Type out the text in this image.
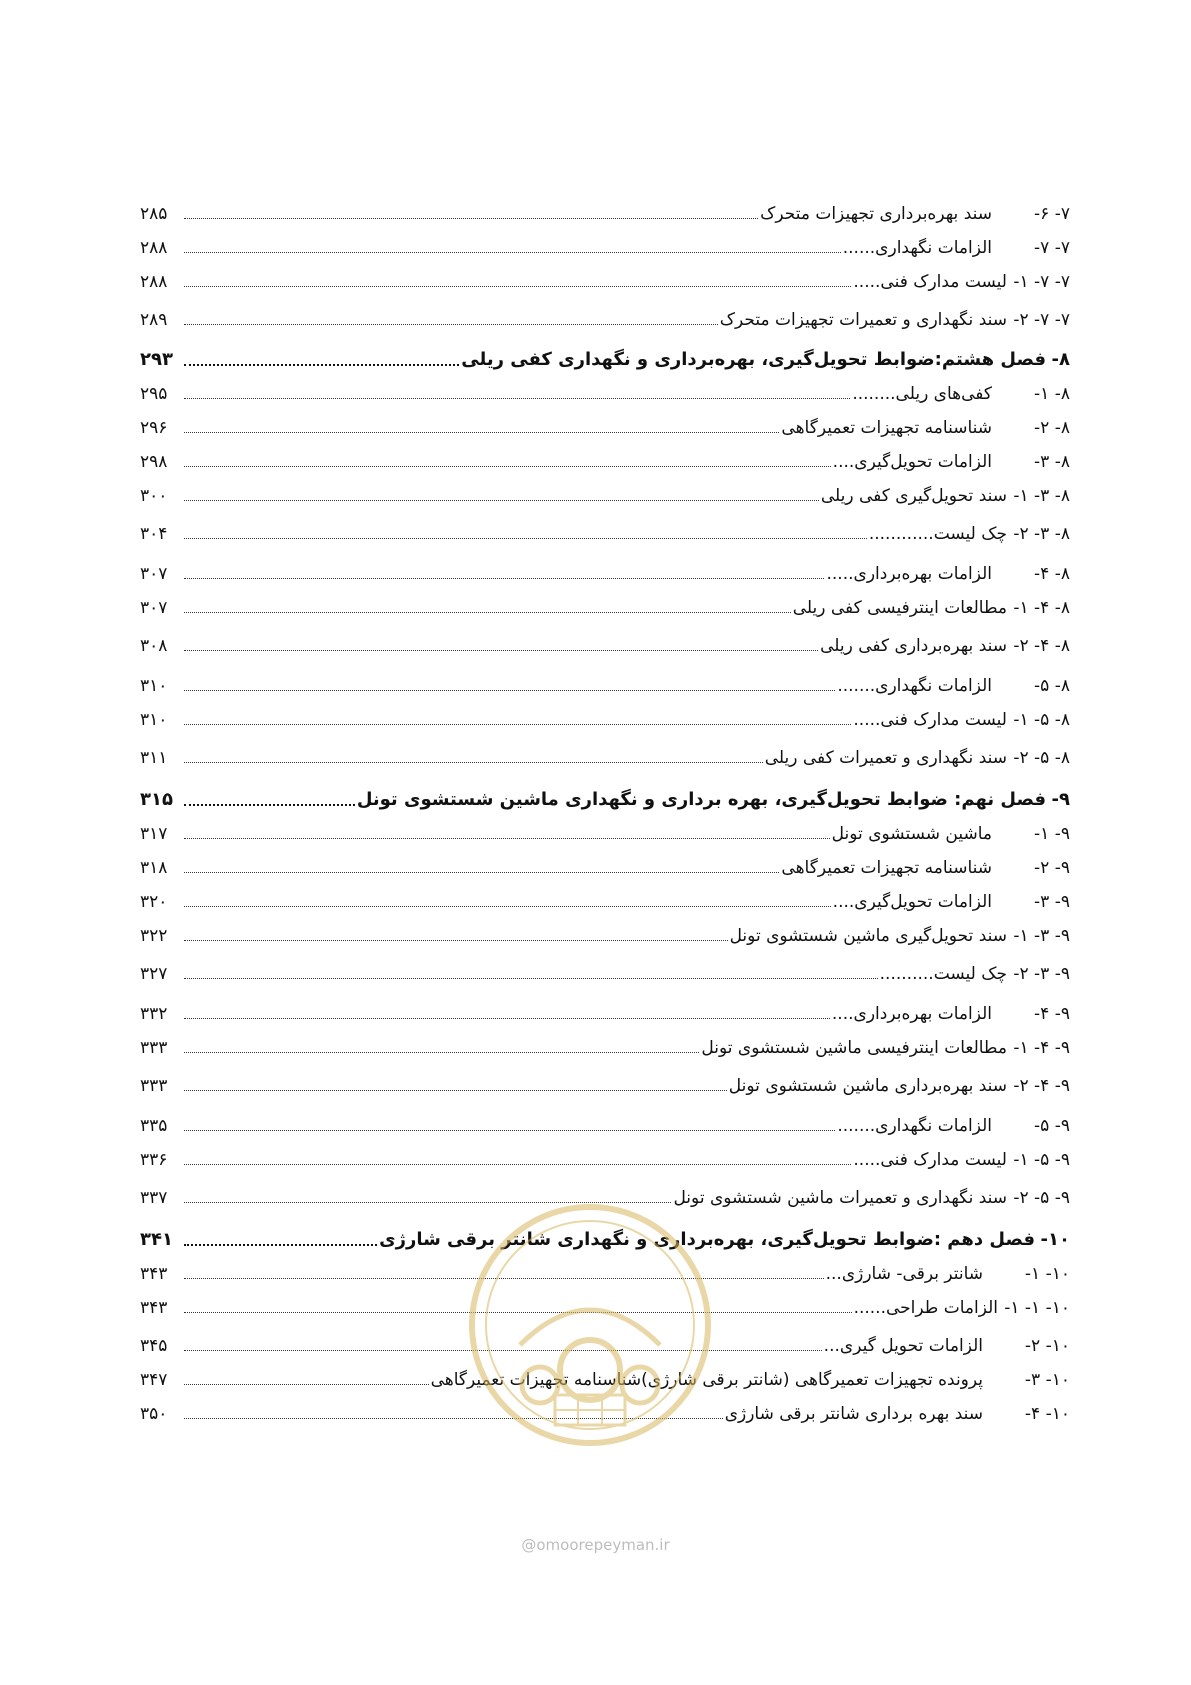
۷- ۶-
سند بهره‌برداری تجهیزات متحرک
۲۸۵
۷- ۷-
الزامات نگهداری......
۲۸۸
۷- ۷- ۱-
لیست مدارک فنی.....
۲۸۸
۷- ۷- ۲-
سند نگهداری و تعمیرات تجهیزات متحرک
۲۸۹
۸-
فصل هشتم:ضوابط تحویل‌گیری، بهره‌برداری و نگهداری کفی ریلی
۲۹۳
۸- ۱-
کفی‌های ریلی........
۲۹۵
۸- ۲-
شناسنامه تجهیزات تعمیرگاهی
۲۹۶
۸- ۳-
الزامات تحویل‌گیری....
۲۹۸
۸- ۳- ۱-
سند تحویل‌گیری کفی ریلی
۳۰۰
۸- ۳- ۲-
چک لیست............
۳۰۴
۸- ۴-
الزامات بهره‌برداری.....
۳۰۷
۸- ۴- ۱-
مطالعات اینترفیسی کفی ریلی
۳۰۷
۸- ۴- ۲-
سند بهره‌برداری کفی ریلی
۳۰۸
۸- ۵-
الزامات نگهداری.......
۳۱۰
۸- ۵- ۱-
لیست مدارک فنی.....
۳۱۰
۸- ۵- ۲-
سند نگهداری و تعمیرات کفی ریلی
۳۱۱
۹-
فصل نهم: ضوابط تحویل‌گیری، بهره برداری و نگهداری ماشین شستشوی تونل
۳۱۵
۹- ۱-
ماشین شستشوی تونل
۳۱۷
۹- ۲-
شناسنامه تجهیزات تعمیرگاهی
۳۱۸
۹- ۳-
الزامات تحویل‌گیری....
۳۲۰
۹- ۳- ۱-
سند تحویل‌گیری ماشین شستشوی تونل
۳۲۲
۹- ۳- ۲-
چک لیست..........
۳۲۷
۹- ۴-
الزامات بهره‌برداری....
۳۳۲
۹- ۴- ۱-
مطالعات اینترفیسی ماشین شستشوی تونل
۳۳۳
۹- ۴- ۲-
سند بهره‌برداری ماشین شستشوی تونل
۳۳۳
۹- ۵-
الزامات نگهداری.......
۳۳۵
۹- ۵- ۱-
لیست مدارک فنی.....
۳۳۶
۹- ۵- ۲-
سند نگهداری و تعمیرات ماشین شستشوی تونل
۳۳۷
۱۰-
فصل دهم :ضوابط تحویل‌گیری، بهره‌برداری و نگهداری شانتر برقی شارژی
۳۴۱
۱۰- ۱-
شانتر برقی- شارژی...
۳۴۳
۱۰- ۱- ۱-
الزامات طراحی......
۳۴۳
۱۰- ۲-
الزامات تحویل گیری...
۳۴۵
۱۰- ۳-
پرونده تجهیزات تعمیرگاهی (شانتر برقی شارژی)شناسنامه تجهیزات تعمیرگاهی
۳۴۷
۱۰- ۴-
سند بهره برداری شانتر برقی شارژی
۳۵۰
@omoorepeyman.ir
